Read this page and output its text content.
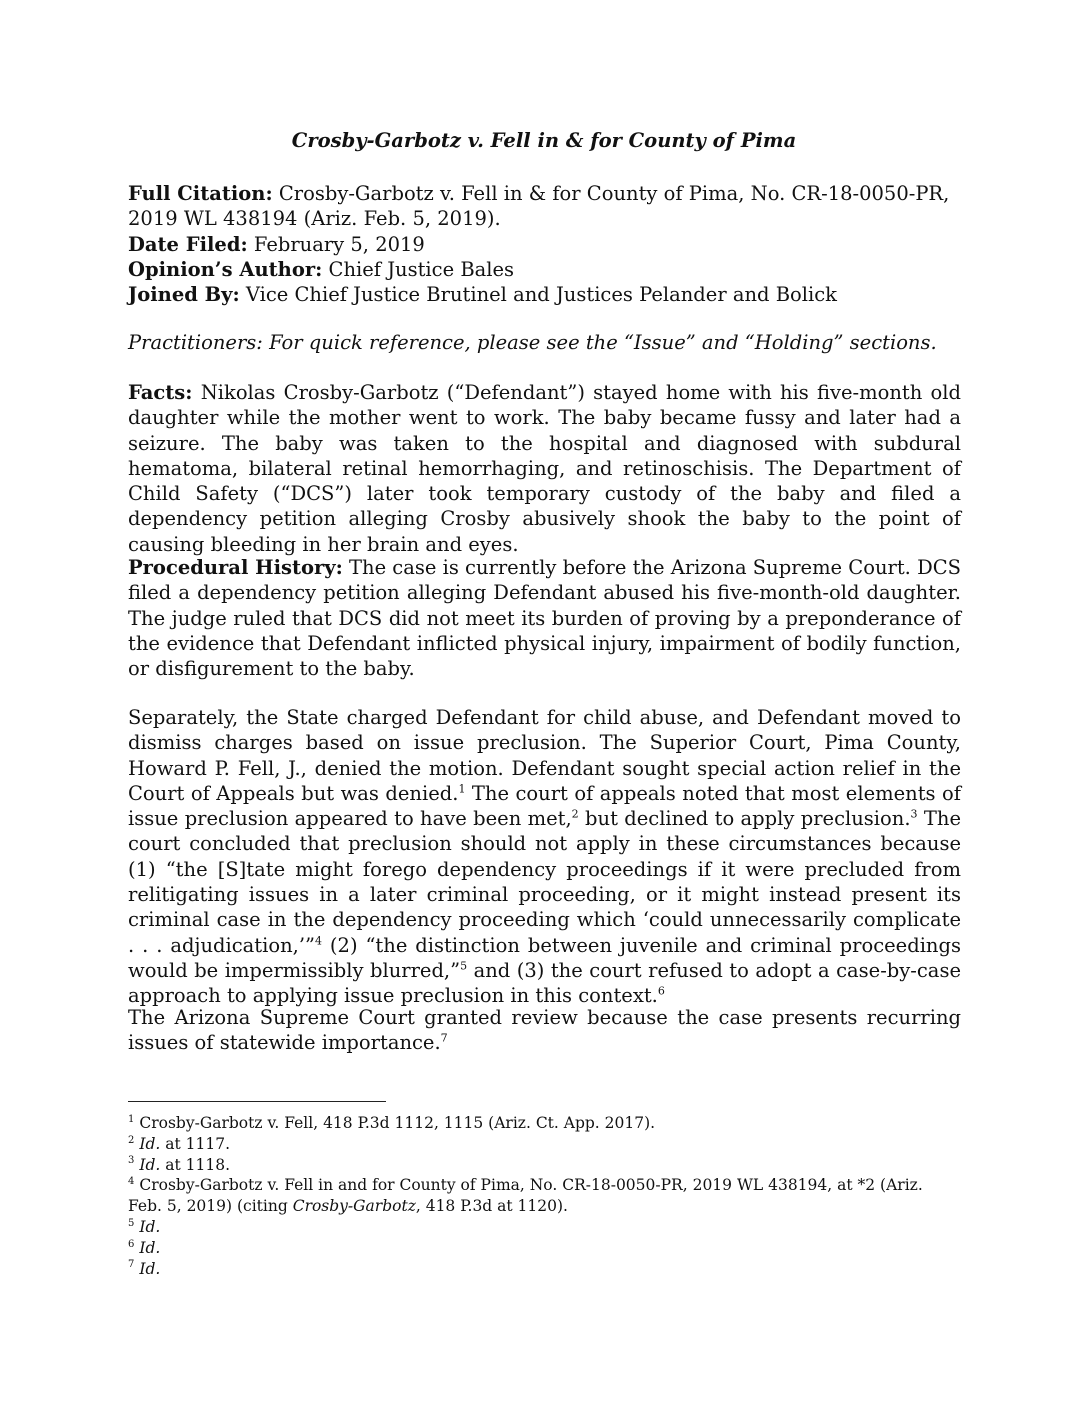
Crosby-Garbotz v. Fell in & for County of Pima

Full Citation: Crosby-Garbotz v. Fell in & for County of Pima, No. CR-18-0050-PR, 2019 WL 438194 (Ariz. Feb. 5, 2019).

Date Filed: February 5, 2019

Opinion’s Author: Chief Justice Bales

Joined By: Vice Chief Justice Brutinel and Justices Pelander and Bolick

Practitioners: For quick reference, please see the “Issue” and “Holding” sections.

Facts: Nikolas Crosby-Garbotz (“Defendant”) stayed home with his five-month old daughter while the mother went to work. The baby became fussy and later had a seizure. The baby was taken to the hospital and diagnosed with subdural hematoma, bilateral retinal hemorrhaging, and retinoschisis. The Department of Child Safety (“DCS”) later took temporary custody of the baby and filed a dependency petition alleging Crosby abusively shook the baby to the point of causing bleeding in her brain and eyes.

Procedural History: The case is currently before the Arizona Supreme Court. DCS filed a dependency petition alleging Defendant abused his five-month-old daughter. The judge ruled that DCS did not meet its burden of proving by a preponderance of the evidence that Defendant inflicted physical injury, impairment of bodily function, or disfigurement to the baby.

Separately, the State charged Defendant for child abuse, and Defendant moved to dismiss charges based on issue preclusion. The Superior Court, Pima County, Howard P. Fell, J., denied the motion. Defendant sought special action relief in the Court of Appeals but was denied.$^1$ The court of appeals noted that most elements of issue preclusion appeared to have been met,$^2$ but declined to apply preclusion.$^3$ The court concluded that preclusion should not apply in these circumstances because (1) “the [S]tate might forego dependency proceedings if it were precluded from relitigating issues in a later criminal proceeding, or it might instead present its criminal case in the dependency proceeding which ‘could unnecessarily complicate . . . adjudication,’”$^4$ (2) “the distinction between juvenile and criminal proceedings would be impermissibly blurred,”$^5$ and (3) the court refused to adopt a case-by-case approach to applying issue preclusion in this context.$^6$

The Arizona Supreme Court granted review because the case presents recurring issues of statewide importance.$^7$

$^1$ Crosby-Garbotz v. Fell, 418 P.3d 1112, 1115 (Ariz. Ct. App. 2017).

$^2$ Id. at 1117.

$^3$ Id. at 1118.

$^4$ Crosby-Garbotz v. Fell in and for County of Pima, No. CR-18-0050-PR, 2019 WL 438194, at *2 (Ariz. Feb. 5, 2019) (citing Crosby-Garbotz, 418 P.3d at 1120).

$^5$ Id.

$^6$ Id.

$^7$ Id.
